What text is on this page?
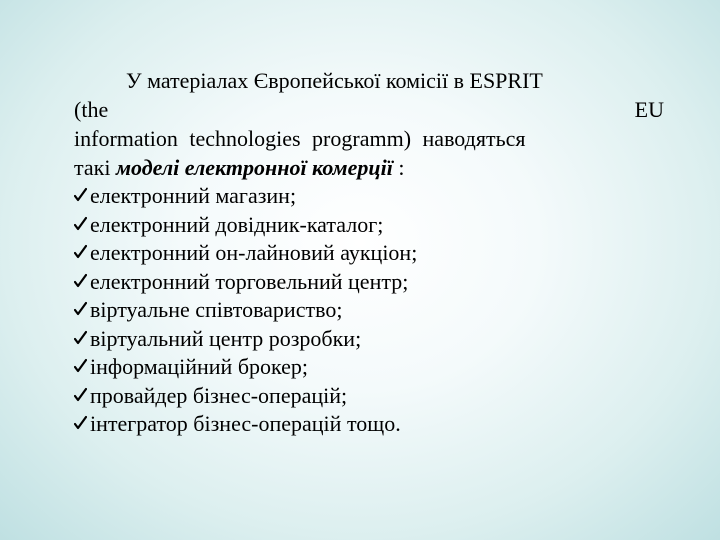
У матеріалах Європейської комісії в ESPRIT
(the	EU
information technologies programm) наводяться
такі моделі електронної комерції :
електронний магазин;
електронний довідник-каталог;
електронний он-лайновий аукціон;
електронний торговельний центр;
віртуальне співтовариство;
віртуальний центр розробки;
інформаційний брокер;
провайдер бізнес-операцій;
інтегратор бізнес-операцій тощо.
